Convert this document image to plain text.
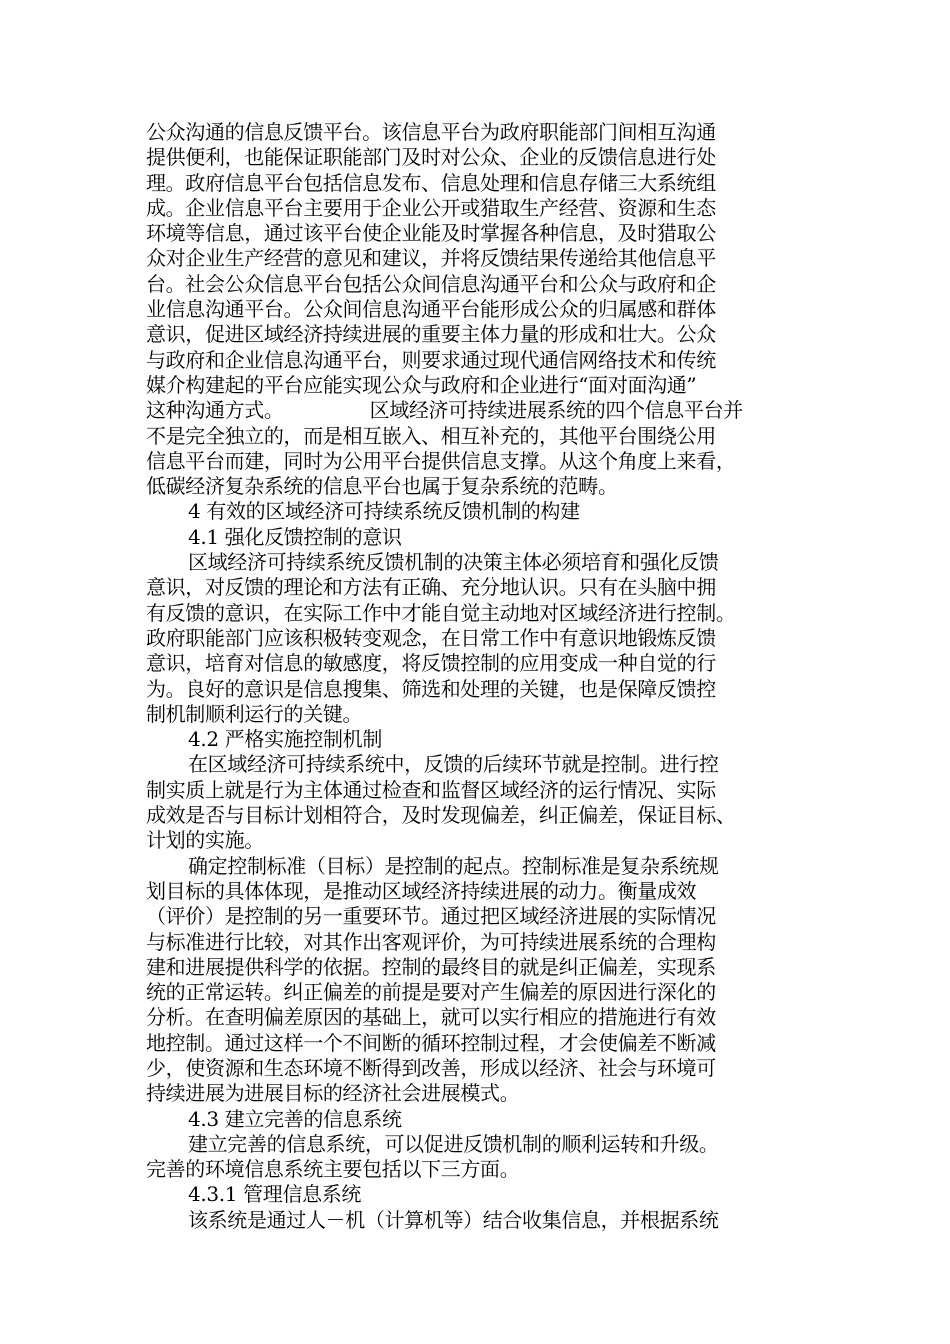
公众沟通的信息反馈平台。该信息平台为政府职能部门间相互沟通
提供便利，也能保证职能部门及时对公众、企业的反馈信息进行处
理。政府信息平台包括信息发布、信息处理和信息存储三大系统组
成。企业信息平台主要用于企业公开或猎取生产经营、资源和生态
环境等信息，通过该平台使企业能及时掌握各种信息，及时猎取公
众对企业生产经营的意见和建议，并将反馈结果传递给其他信息平
台。社会公众信息平台包括公众间信息沟通平台和公众与政府和企
业信息沟通平台。公众间信息沟通平台能形成公众的归属感和群体
意识，促进区域经济持续进展的重要主体力量的形成和壮大。公众
与政府和企业信息沟通平台，则要求通过现代通信网络技术和传统
媒介构建起的平台应能实现公众与政府和企业进行“面对面沟通”
这种沟通方式。	区域经济可持续进展系统的四个信息平台并
不是完全独立的，而是相互嵌入、相互补充的，其他平台围绕公用
信息平台而建，同时为公用平台提供信息支撑。从这个角度上来看，
低碳经济复杂系统的信息平台也属于复杂系统的范畴。
4 有效的区域经济可持续系统反馈机制的构建
4.1 强化反馈控制的意识
区域经济可持续系统反馈机制的决策主体必须培育和强化反馈
意识，对反馈的理论和方法有正确、充分地认识。只有在头脑中拥
有反馈的意识，在实际工作中才能自觉主动地对区域经济进行控制。
政府职能部门应该积极转变观念，在日常工作中有意识地锻炼反馈
意识，培育对信息的敏感度，将反馈控制的应用变成一种自觉的行
为。良好的意识是信息搜集、筛选和处理的关键，也是保障反馈控
制机制顺利运行的关键。
4.2 严格实施控制机制
在区域经济可持续系统中，反馈的后续环节就是控制。进行控
制实质上就是行为主体通过检查和监督区域经济的运行情况、实际
成效是否与目标计划相符合，及时发现偏差，纠正偏差，保证目标、
计划的实施。
确定控制标准（目标）是控制的起点。控制标准是复杂系统规
划目标的具体体现，是推动区域经济持续进展的动力。衡量成效
（评价）是控制的另一重要环节。通过把区域经济进展的实际情况
与标准进行比较，对其作出客观评价，为可持续进展系统的合理构
建和进展提供科学的依据。控制的最终目的就是纠正偏差，实现系
统的正常运转。纠正偏差的前提是要对产生偏差的原因进行深化的
分析。在查明偏差原因的基础上，就可以实行相应的措施进行有效
地控制。通过这样一个不间断的循环控制过程，才会使偏差不断减
少，使资源和生态环境不断得到改善，形成以经济、社会与环境可
持续进展为进展目标的经济社会进展模式。
4.3 建立完善的信息系统
建立完善的信息系统，可以促进反馈机制的顺利运转和升级。
完善的环境信息系统主要包括以下三方面。
4.3.1 管理信息系统
该系统是通过人－机（计算机等）结合收集信息，并根据系统
